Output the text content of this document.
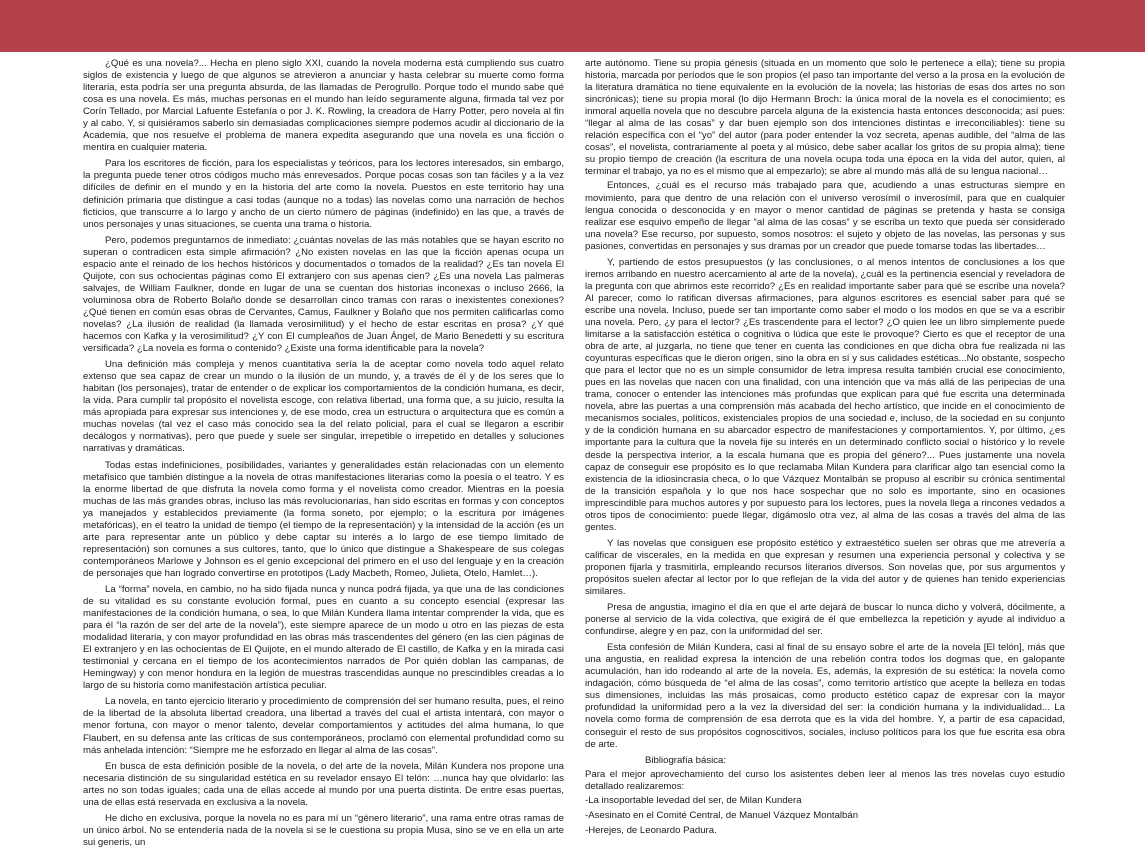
¿Qué es una novela?... Hecha en pleno siglo XXI, cuando la novela moderna está cumpliendo sus cuatro siglos de existencia y luego de que algunos se atrevieron a anunciar y hasta celebrar su muerte como forma literaria, esta podría ser una pregunta absurda, de las llamadas de Perogrullo. Porque todo el mundo sabe qué cosa es una novela. Es más, muchas personas en el mundo han leído seguramente alguna, firmada tal vez por Corín Tellado, por Marcial Lafuente Estefanía o por J. K. Rowling, la creadora de Harry Potter, pero novela al fin y al cabo. Y, si quisiéramos saberlo sin demasiadas complicaciones siempre podemos acudir al diccionario de la Academia, que nos resuelve el problema de manera expedita asegurando que una novela es una ficción o mentira en cualquier materia.

Para los escritores de ficción, para los especialistas y teóricos, para los lectores interesados, sin embargo, la pregunta puede tener otros códigos mucho más enrevesados. Porque pocas cosas son tan fáciles y a la vez difíciles de definir en el mundo y en la historia del arte como la novela. Puestos en este territorio hay una definición primaria que distingue a casi todas (aunque no a todas) las novelas como una narración de hechos ficticios, que transcurre a lo largo y ancho de un cierto número de páginas (indefinido) en las que, a través de unos personajes y unas situaciones, se cuenta una trama o historia.

Pero, podemos preguntarnos de inmediato: ¿cuántas novelas de las más notables que se hayan escrito no superan o contradicen esta simple afirmación? ¿No existen novelas en las que la ficción apenas ocupa un espacio ante el reinado de los hechos históricos y documentados o tomados de la realidad? ¿Es tan novela El Quijote, con sus ochocientas páginas como El extranjero con sus apenas cien? ¿Es una novela Las palmeras salvajes, de William Faulkner, donde en lugar de una se cuentan dos historias inconexas o incluso 2666, la voluminosa obra de Roberto Bolaño donde se desarrollan cinco tramas con raras o inexistentes conexiones? ¿Qué tienen en común esas obras de Cervantes, Camus, Faulkner y Bolaño que nos permiten calificarlas como novelas? ¿La ilusión de realidad (la llamada verosimilitud) y el hecho de estar escritas en prosa? ¿Y qué hacemos con Kafka y la verosimilitud? ¿Y con El cumpleaños de Juan Ángel, de Mario Benedetti y su escritura versificada? ¿La novela es forma o contenido? ¿Existe una forma identificable para la novela?

Una definición más compleja y menos cuantitativa sería la de aceptar como novela todo aquel relato extenso que sea capaz de crear un mundo o la ilusión de un mundo, y, a través de él y de los seres que lo habitan (los personajes), tratar de entender o de explicar los comportamientos de la condición humana, es decir, la vida. Para cumplir tal propósito el novelista escoge, con relativa libertad, una forma que, a su juicio, resulta la más apropiada para expresar sus intenciones y, de ese modo, crea un estructura o arquitectura que es común a muchas novelas (tal vez el caso más conocido sea la del relato policial, para el cual se llegaron a escribir decálogos y normativas), pero que puede y suele ser singular, irrepetible o irrepetido en detalles y soluciones narrativas y dramáticas.

Todas estas indefiniciones, posibilidades, variantes y generalidades están relacionadas con un elemento metafísico que también distingue a la novela de otras manifestaciones literarias como la poesía o el teatro. Y es la enorme libertad de que disfruta la novela como forma y el novelista como creador. Mientras en la poesía muchas de las más grandes obras, incluso las más revolucionarias, han sido escritas en formas y con conceptos ya manejados y establecidos previamente (la forma soneto, por ejemplo; o la escritura por imágenes metafóricas), en el teatro la unidad de tiempo (el tiempo de la representación) y la intensidad de la acción (es un arte para representar ante un público y debe captar su interés a lo largo de ese tiempo limitado de representación) son comunes a sus cultores, tanto, que lo único que distingue a Shakespeare de sus colegas contemporáneos Marlowe y Johnson es el genio excepcional del primero en el uso del lenguaje y en la creación de personajes que han logrado convertirse en prototipos (Lady Macbeth, Romeo, Julieta, Otelo, Hamlet…).

La “forma” novela, en cambio, no ha sido fijada nunca y nunca podrá fijada, ya que una de las condiciones de su vitalidad es su constante evolución formal, pues en cuanto a su concepto esencial (expresar las manifestaciones de la condición humana, o sea, lo que Milán Kundera llama intentar comprender la vida, que es para él “la razón de ser del arte de la novela”), este siempre aparece de un modo u otro en las piezas de esta modalidad literaria, y con mayor profundidad en las obras más trascendentes del género (en las cien páginas de El extranjero y en las ochocientas de El Quijote, en el mundo alterado de El castillo, de Kafka y en la mirada casi testimonial y cercana en el tiempo de los acontecimientos narrados de Por quién doblan las campanas, de Hemingway) y con menor hondura en la legión de muestras trascendidas aunque no prescindibles creadas a lo largo de su historia como manifestación artística peculiar.

La novela, en tanto ejercicio literario y procedimiento de comprensión del ser humano resulta, pues, el reino de la libertad de la absoluta libertad creadora, una libertad a través del cual el artista intentará, con mayor o menor fortuna, con mayor o menor talento, develar comportamientos y actitudes del alma humana, lo que Flaubert, en su defensa ante las críticas de sus contemporáneos, proclamó con elemental profundidad como su más anhelada intención: “Siempre me he esforzado en llegar al alma de las cosas”.

En busca de esta definición posible de la novela, o del arte de la novela, Milán Kundera nos propone una necesaria distinción de su singularidad estética en su revelador ensayo El telón: …nunca hay que olvidarlo: las artes no son todas iguales; cada una de ellas accede al mundo por una puerta distinta. De entre esas puertas, una de ellas está reservada en exclusiva a la novela.

He dicho en exclusiva, porque la novela no es para mí un “género literario”, una rama entre otras ramas de un único árbol. No se entendería nada de la novela si se le cuestiona su propia Musa, sino se ve en ella un arte sui generis, un

arte autónomo. Tiene su propia génesis (situada en un momento que solo le pertenece a ella); tiene su propia historia, marcada por períodos que le son propios (el paso tan importante del verso a la prosa en la evolución de la literatura dramática no tiene equivalente en la evolución de la novela; las historias de esas dos artes no son sincrónicas); tiene su propia moral (lo dijo Hermann Broch: la única moral de la novela es el conocimiento; es inmoral aquella novela que no descubre parcela alguna de la existencia hasta entonces desconocida; así pues: “llegar al alma de las cosas” y dar buen ejemplo son dos intenciones distintas e irreconciliables): tiene su relación específica con el “yo” del autor (para poder entender la voz secreta, apenas audible, del “alma de las cosas”, el novelista, contrariamente al poeta y al músico, debe saber acallar los gritos de su propia alma); tiene su propio tiempo de creación (la escritura de una novela ocupa toda una época en la vida del autor, quien, al terminar el trabajo, ya no es el mismo que al empezarlo); se abre al mundo más allá de su lengua nacional…

Entonces, ¿cuál es el recurso más trabajado para que, acudiendo a unas estructuras siempre en movimiento, para que dentro de una relación con el universo verosímil o inverosímil, para que en cualquier lengua conocida o desconocida y en mayor o menor cantidad de páginas se pretenda y hasta se consiga realizar ese esquivo empeño de llegar “al alma de las cosas” y se escriba un texto que pueda ser considerado una novela? Ese recurso, por supuesto, somos nosotros: el sujeto y objeto de las novelas, las personas y sus pasiones, convertidas en personajes y sus dramas por un creador que puede tomarse todas las libertades…

Y, partiendo de estos presupuestos (y las conclusiones, o al menos intentos de conclusiones a los que iremos arribando en nuestro acercamiento al arte de la novela), ¿cuál es la pertinencia esencial y reveladora de la pregunta con que abrimos este recorrido? ¿Es en realidad importante saber para qué se escribe una novela? Al parecer, como lo ratifican diversas afirmaciones, para algunos escritores es esencial saber para qué se escribe una novela. Incluso, puede ser tan importante como saber el modo o los modos en que se va a escribir una novela. Pero, ¿y para el lector? ¿Es trascendente para el lector? ¿O quien lee un libro simplemente puede limitarse a la satisfacción estética o cognitiva o lúdica que este le provoque? Cierto es que el receptor de una obra de arte, al juzgarla, no tiene que tener en cuenta las condiciones en que dicha obra fue realizada ni las coyunturas específicas que le dieron origen, sino la obra en sí y sus calidades estéticas...No obstante, sospecho que para el lector que no es un simple consumidor de letra impresa resulta también crucial ese conocimiento, pues en las novelas que nacen con una finalidad, con una intención que va más allá de las peripecias de una trama, conocer o entender las intenciones más profundas que explican para qué fue escrita una determinada novela, abre las puertas a una comprensión más acabada del hecho artístico, que incide en el conocimiento de mecanismos sociales, políticos, existenciales propios de una sociedad e, incluso, de la sociedad en su conjunto y de la condición humana en su abarcador espectro de manifestaciones y comportamientos. Y, por último, ¿es importante para la cultura que la novela fije su interés en un determinado conflicto social o histórico y lo revele desde la perspectiva interior, a la escala humana que es propia del género?... Pues justamente una novela capaz de conseguir ese propósito es lo que reclamaba Milan Kundera para clarificar algo tan esencial como la existencia de la idiosincrasia checa, o lo que Vázquez Montalbán se propuso al escribir su crónica sentimental de la transición española y lo que nos hace sospechar que no solo es importante, sino en ocasiones imprescindible para muchos autores y por supuesto para los lectores, pues la novela llega a rincones vedados a otros tipos de conocimiento: puede llegar, digámoslo otra vez, al alma de las cosas a través del alma de las gentes.

Y las novelas que consiguen ese propósito estético y extraestético suelen ser obras que me atrevería a calificar de viscerales, en la medida en que expresan y resumen una experiencia personal y colectiva y se proponen fijarla y trasmitirla, empleando recursos literarios diversos. Son novelas que, por sus argumentos y propósitos suelen afectar al lector por lo que reflejan de la vida del autor y de quienes han tenido experiencias similares.

Presa de angustia, imagino el día en que el arte dejará de buscar lo nunca dicho y volverá, dócilmente, a ponerse al servicio de la vida colectiva, que exigirá de él que embellezca la repetición y ayude al individuo a confundirse, alegre y en paz, con la uniformidad del ser.

Esta confesión de Milán Kundera, casi al final de su ensayo sobre el arte de la novela [El telón], más que una angustia, en realidad expresa la intención de una rebelión contra todos los dogmas que, en galopante acumulación, han ido rodeando al arte de la novela. Es, además, la expresión de su estética: la novela como indagación, cómo búsqueda de “el alma de las cosas”, como territorio artístico que acepte la belleza en todas sus dimensiones, incluidas las más prosaicas, como producto estético capaz de expresar con la mayor profundidad la uniformidad pero a la vez la diversidad del ser: la condición humana y la individualidad... La novela como forma de comprensión de esa derrota que es la vida del hombre. Y, a partir de esa capacidad, conseguir el resto de sus propósitos cognoscitivos, sociales, incluso políticos para los que fue escrita esa obra de arte.

Bibliografía básica:

Para el mejor aprovechamiento del curso los asistentes deben leer al menos las tres novelas cuyo estudio detallado realizaremos:

-La insoportable levedad del ser, de Milan Kundera
-Asesinato en el Comité Central, de Manuel Vázquez Montalbán
-Herejes, de Leonardo Padura.
